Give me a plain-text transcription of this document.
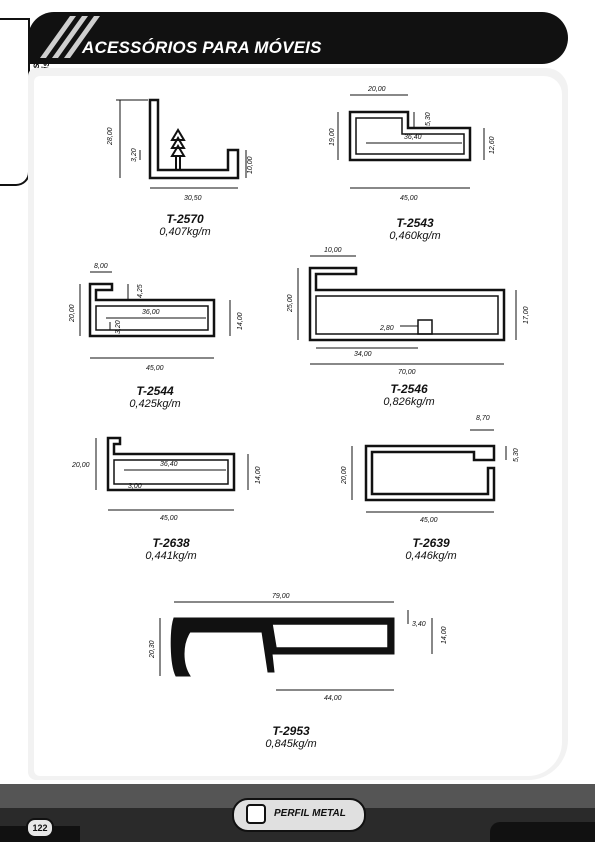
ACESSÓRIOS PARA MÓVEIS
28,00
3,20
10,00
30,50
20,00
5,30
19,00	36,40	12,60
45,00
8,00
4,25
20,00	36,00	14,00
3,20
45,00
10,00
25,00
17,00
2,80
34,00
70,00
20,00	36,40
14,00
3,00
45,00
8,70
5,30
20,00
45,00
79,00
3,40
14,00
20,30
44,00
T-2570
0,407kg/m
T-2543
0,460kg/m
T-2544
0,425kg/m
T-2546
0,826kg/m
T-2638
0,441kg/m
T-2639
0,446kg/m
T-2953
0,845kg/m
PERFIL METAL
122
